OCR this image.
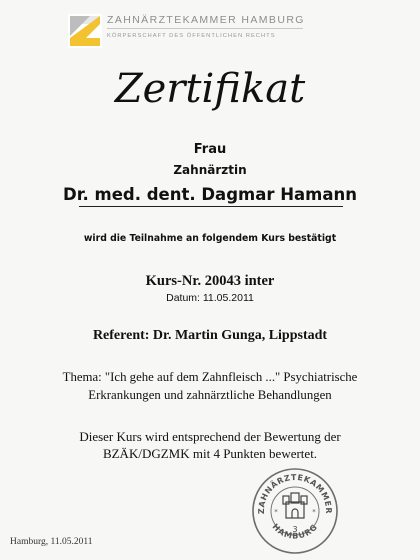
ZAHNÄRZTEKAMMER HAMBURG
KÖRPERSCHAFT DES ÖFFENTLICHEN RECHTS
Zertifikat
Frau
Zahnärztin
Dr. med. dent. Dagmar Hamann
wird die Teilnahme an folgendem Kurs bestätigt
Kurs-Nr. 20043 inter
Datum: 11.05.2011
Referent: Dr. Martin Gunga, Lippstadt
Thema: "Ich gehe auf dem Zahnfleisch ..." Psychiatrische
Erkrankungen und zahnärztliche Behandlungen
Dieser Kurs wird entsprechend der Bewertung der
BZÄK/DGZMK mit 4 Punkten bewertet.
Hamburg, 11.05.2011
ZAHNÄRZTEKAMMER
HAMBURG
3
*	*
